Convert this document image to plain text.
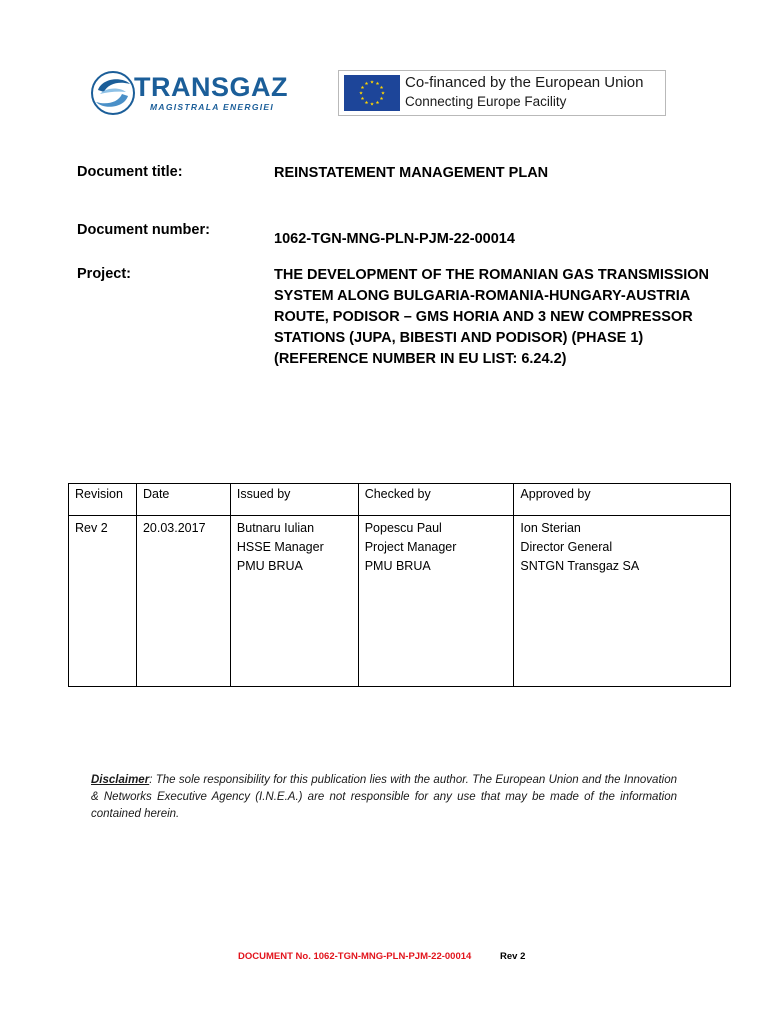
TRANSGAZ
MAGISTRALA ENERGIEI
Co-financed by the European Union
Connecting Europe Facility
Document title:	REINSTATEMENT MANAGEMENT PLAN
Document number:
1062-TGN-MNG-PLN-PJM-22-00014
Project:	THE DEVELOPMENT OF THE ROMANIAN GAS TRANSMISSION
SYSTEM ALONG BULGARIA-ROMANIA-HUNGARY-AUSTRIA
ROUTE, PODISOR – GMS HORIA AND 3 NEW COMPRESSOR
STATIONS (JUPA, BIBESTI AND PODISOR) (PHASE 1)
(REFERENCE NUMBER IN EU LIST: 6.24.2)
Revision	Date	Issued by	Checked by	Approved by
Rev 2	20.03.2017	Butnaru Iulian
HSSE Manager
PMU BRUA	Popescu Paul
Project Manager
PMU BRUA	Ion Sterian
Director General
SNTGN Transgaz SA
Disclaimer: The sole responsibility for this publication lies with the author. The European Union and the Innovation & Networks Executive Agency (I.N.E.A.) are not responsible for any use that may be made of the information contained herein.
DOCUMENT No. 1062-TGN-MNG-PLN-PJM-22-00014	Rev 2
